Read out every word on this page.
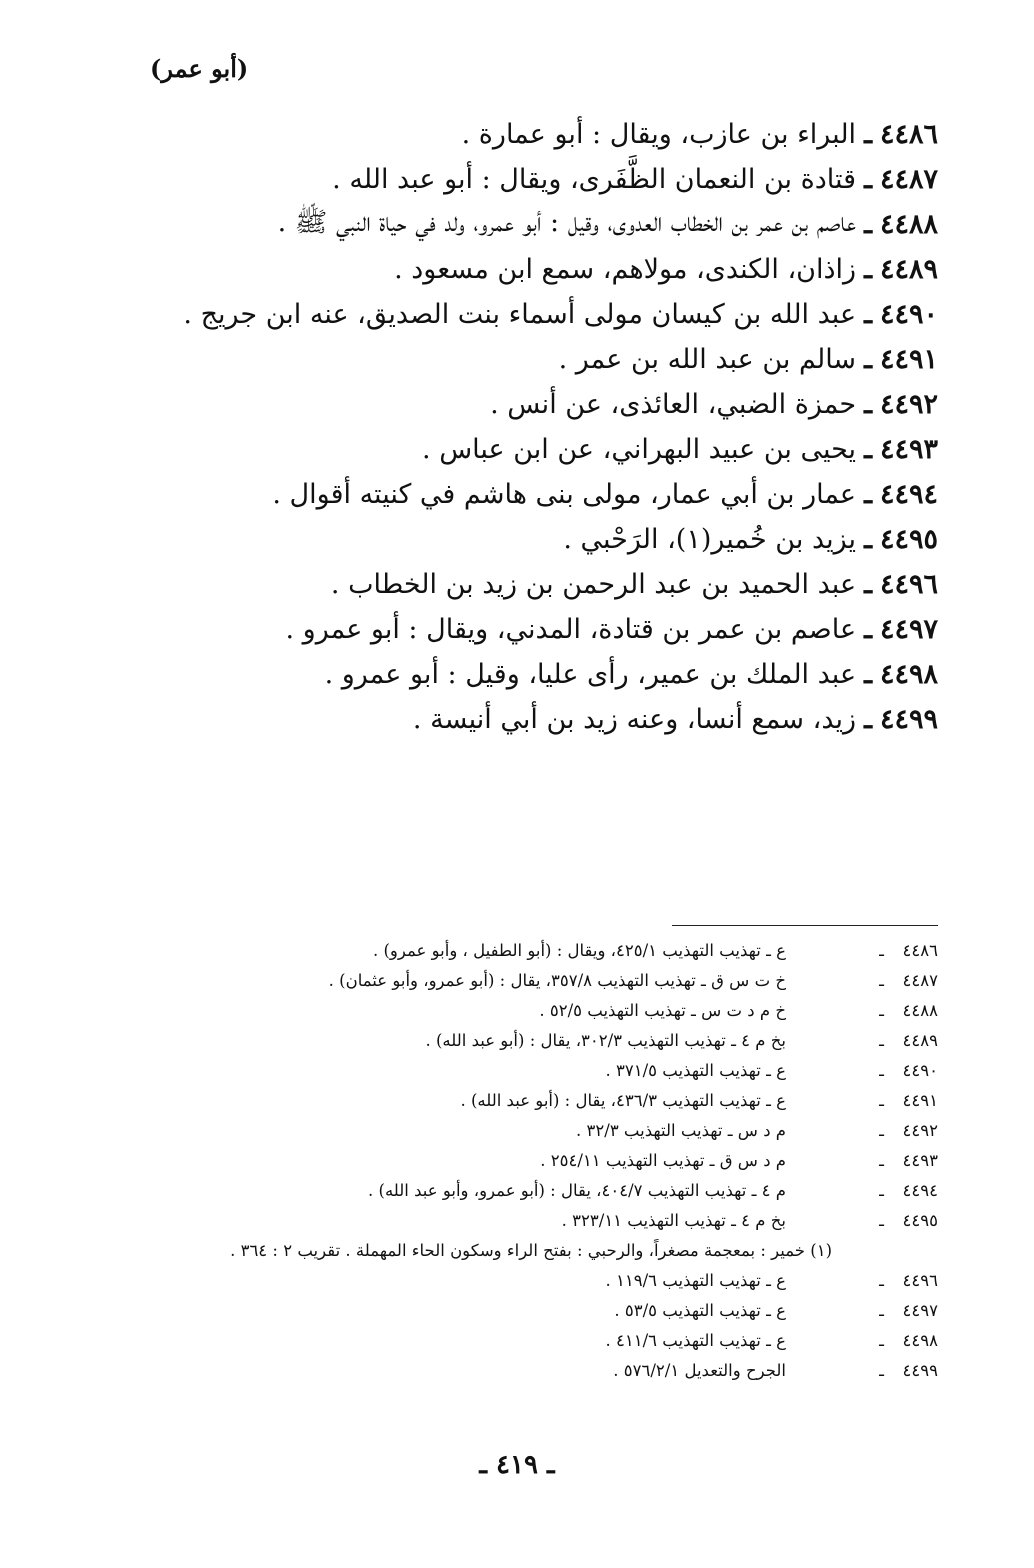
(أبو عمر)
٤٤٨٦
ـ
البراء بن عازب، ويقال : أبو عمارة .
٤٤٨٧
ـ
قتادة بن النعمان الظَّفَرى، ويقال : أبو عبد الله .
٤٤٨٨
ـ
عاصم بن عمر بن الخطاب العدوى، وقيل : أبو عمرو، ولد في حياة النبي ﷺ .
٤٤٨٩
ـ
زاذان، الكندى، مولاهم، سمع ابن مسعود .
٤٤٩٠
ـ
عبد الله بن كيسان مولى أسماء بنت الصديق، عنه ابن جريج .
٤٤٩١
ـ
سالم بن عبد الله بن عمر .
٤٤٩٢
ـ
حمزة الضبي، العائذى، عن أنس .
٤٤٩٣
ـ
يحيى بن عبيد البهراني، عن ابن عباس .
٤٤٩٤
ـ
عمار بن أبي عمار، مولى بنى هاشم في كنيته أقوال .
٤٤٩٥
ـ
يزيد بن خُمير(١)، الرَحْبي .
٤٤٩٦
ـ
عبد الحميد بن عبد الرحمن بن زيد بن الخطاب .
٤٤٩٧
ـ
عاصم بن عمر بن قتادة، المدني، ويقال : أبو عمرو .
٤٤٩٨
ـ
عبد الملك بن عمير، رأى عليا، وقيل : أبو عمرو .
٤٤٩٩
ـ
زيد، سمع أنسا، وعنه زيد بن أبي أنيسة .
٤٤٨٦
ـ
ع ـ تهذيب التهذيب ٤٢٥/١، ويقال : (أبو الطفيل ، وأبو عمرو) .
٤٤٨٧
ـ
خ ت س ق ـ تهذيب التهذيب ٣٥٧/٨، يقال : (أبو عمرو، وأبو عثمان) .
٤٤٨٨
ـ
خ م د ت س ـ تهذيب التهذيب ٥٢/٥ .
٤٤٨٩
ـ
بخ م ٤ ـ تهذيب التهذيب ٣٠٢/٣، يقال : (أبو عبد الله) .
٤٤٩٠
ـ
ع ـ تهذيب التهذيب ٣٧١/٥ .
٤٤٩١
ـ
ع ـ تهذيب التهذيب ٤٣٦/٣، يقال : (أبو عبد الله) .
٤٤٩٢
ـ
م د س ـ تهذيب التهذيب ٣٢/٣ .
٤٤٩٣
ـ
م د س ق ـ تهذيب التهذيب ٢٥٤/١١ .
٤٤٩٤
ـ
م ٤ ـ تهذيب التهذيب ٤٠٤/٧، يقال : (أبو عمرو، وأبو عبد الله) .
٤٤٩٥
ـ
بخ م ٤ ـ تهذيب التهذيب ٣٢٣/١١ .
(١) خمير : بمعجمة مصغراً، والرحبي : بفتح الراء وسكون الحاء المهملة . تقريب ٢ : ٣٦٤ .
٤٤٩٦
ـ
ع ـ تهذيب التهذيب ١١٩/٦ .
٤٤٩٧
ـ
ع ـ تهذيب التهذيب ٥٣/٥ .
٤٤٩٨
ـ
ع ـ تهذيب التهذيب ٤١١/٦ .
٤٤٩٩
ـ
الجرح والتعديل ٥٧٦/٢/١ .
ـ ٤١٩ ـ
